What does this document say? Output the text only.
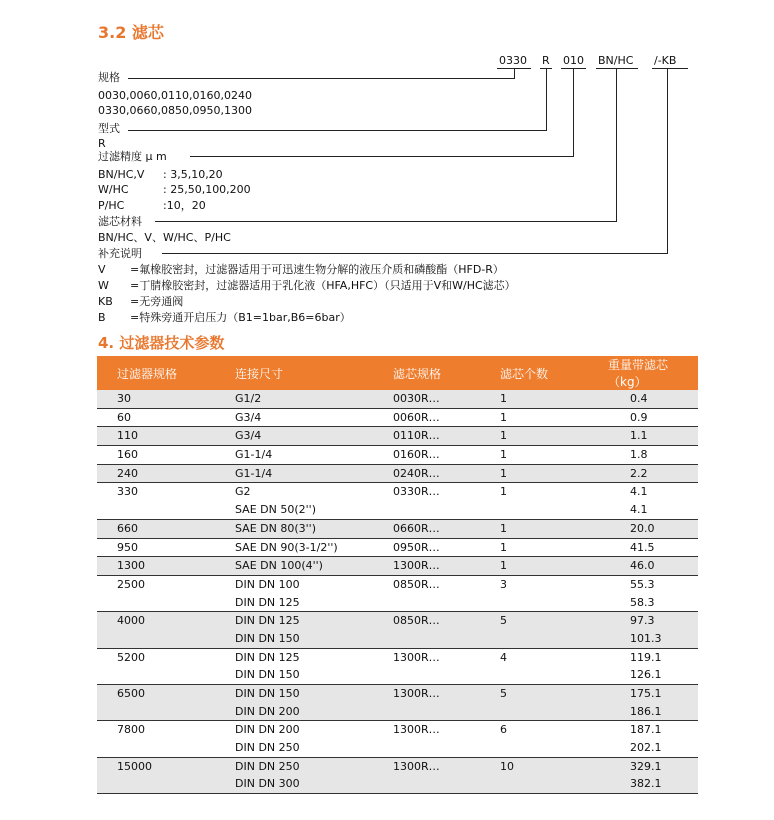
3.2 滤芯
0330 R 010 BN/HC /-KB
规格
0030,0060,0110,0160,0240
0330,0660,0850,0950,1300
型式
R
过滤精度 μ m
BN/HC,V : 3,5,10,20
W/HC	: 25,50,100,200
P/HC	:10，20
滤芯材料
BN/HC、V、W/HC、P/HC
补充说明
V =氟橡胶密封，过滤器适用于可迅速生物分解的液压介质和磷酸酯（HFD-R）
W =丁腈橡胶密封，过滤器适用于乳化液（HFA,HFC）（只适用于V和W/HC滤芯）
KB =无旁通阀
B =特殊旁通开启压力（B1=1bar,B6=6bar）
4. 过滤器技术参数
过滤器规格	连接尺寸	滤芯规格	滤芯个数	重量带滤芯（kg）
30	G1/2	0030R…	1	0.4
60	G3/4	0060R…	1	0.9
110	G3/4	0110R…	1	1.1
160	G1-1/4	0160R…	1	1.8
240	G1-1/4	0240R…	1	2.2
330	G2	0330R…	1	4.1
	SAE DN 50(2'')			4.1
660	SAE DN 80(3'')	0660R…	1	20.0
950	SAE DN 90(3-1/2'')	0950R…	1	41.5
1300	SAE DN 100(4'')	1300R…	1	46.0
2500	DIN DN 100	0850R…	3	55.3
	DIN DN 125			58.3
4000	DIN DN 125	0850R…	5	97.3
	DIN DN 150			101.3
5200	DIN DN 125	1300R…	4	119.1
	DIN DN 150			126.1
6500	DIN DN 150	1300R…	5	175.1
	DIN DN 200			186.1
7800	DIN DN 200	1300R…	6	187.1
	DIN DN 250			202.1
15000	DIN DN 250	1300R…	10	329.1
	DIN DN 300			382.1
